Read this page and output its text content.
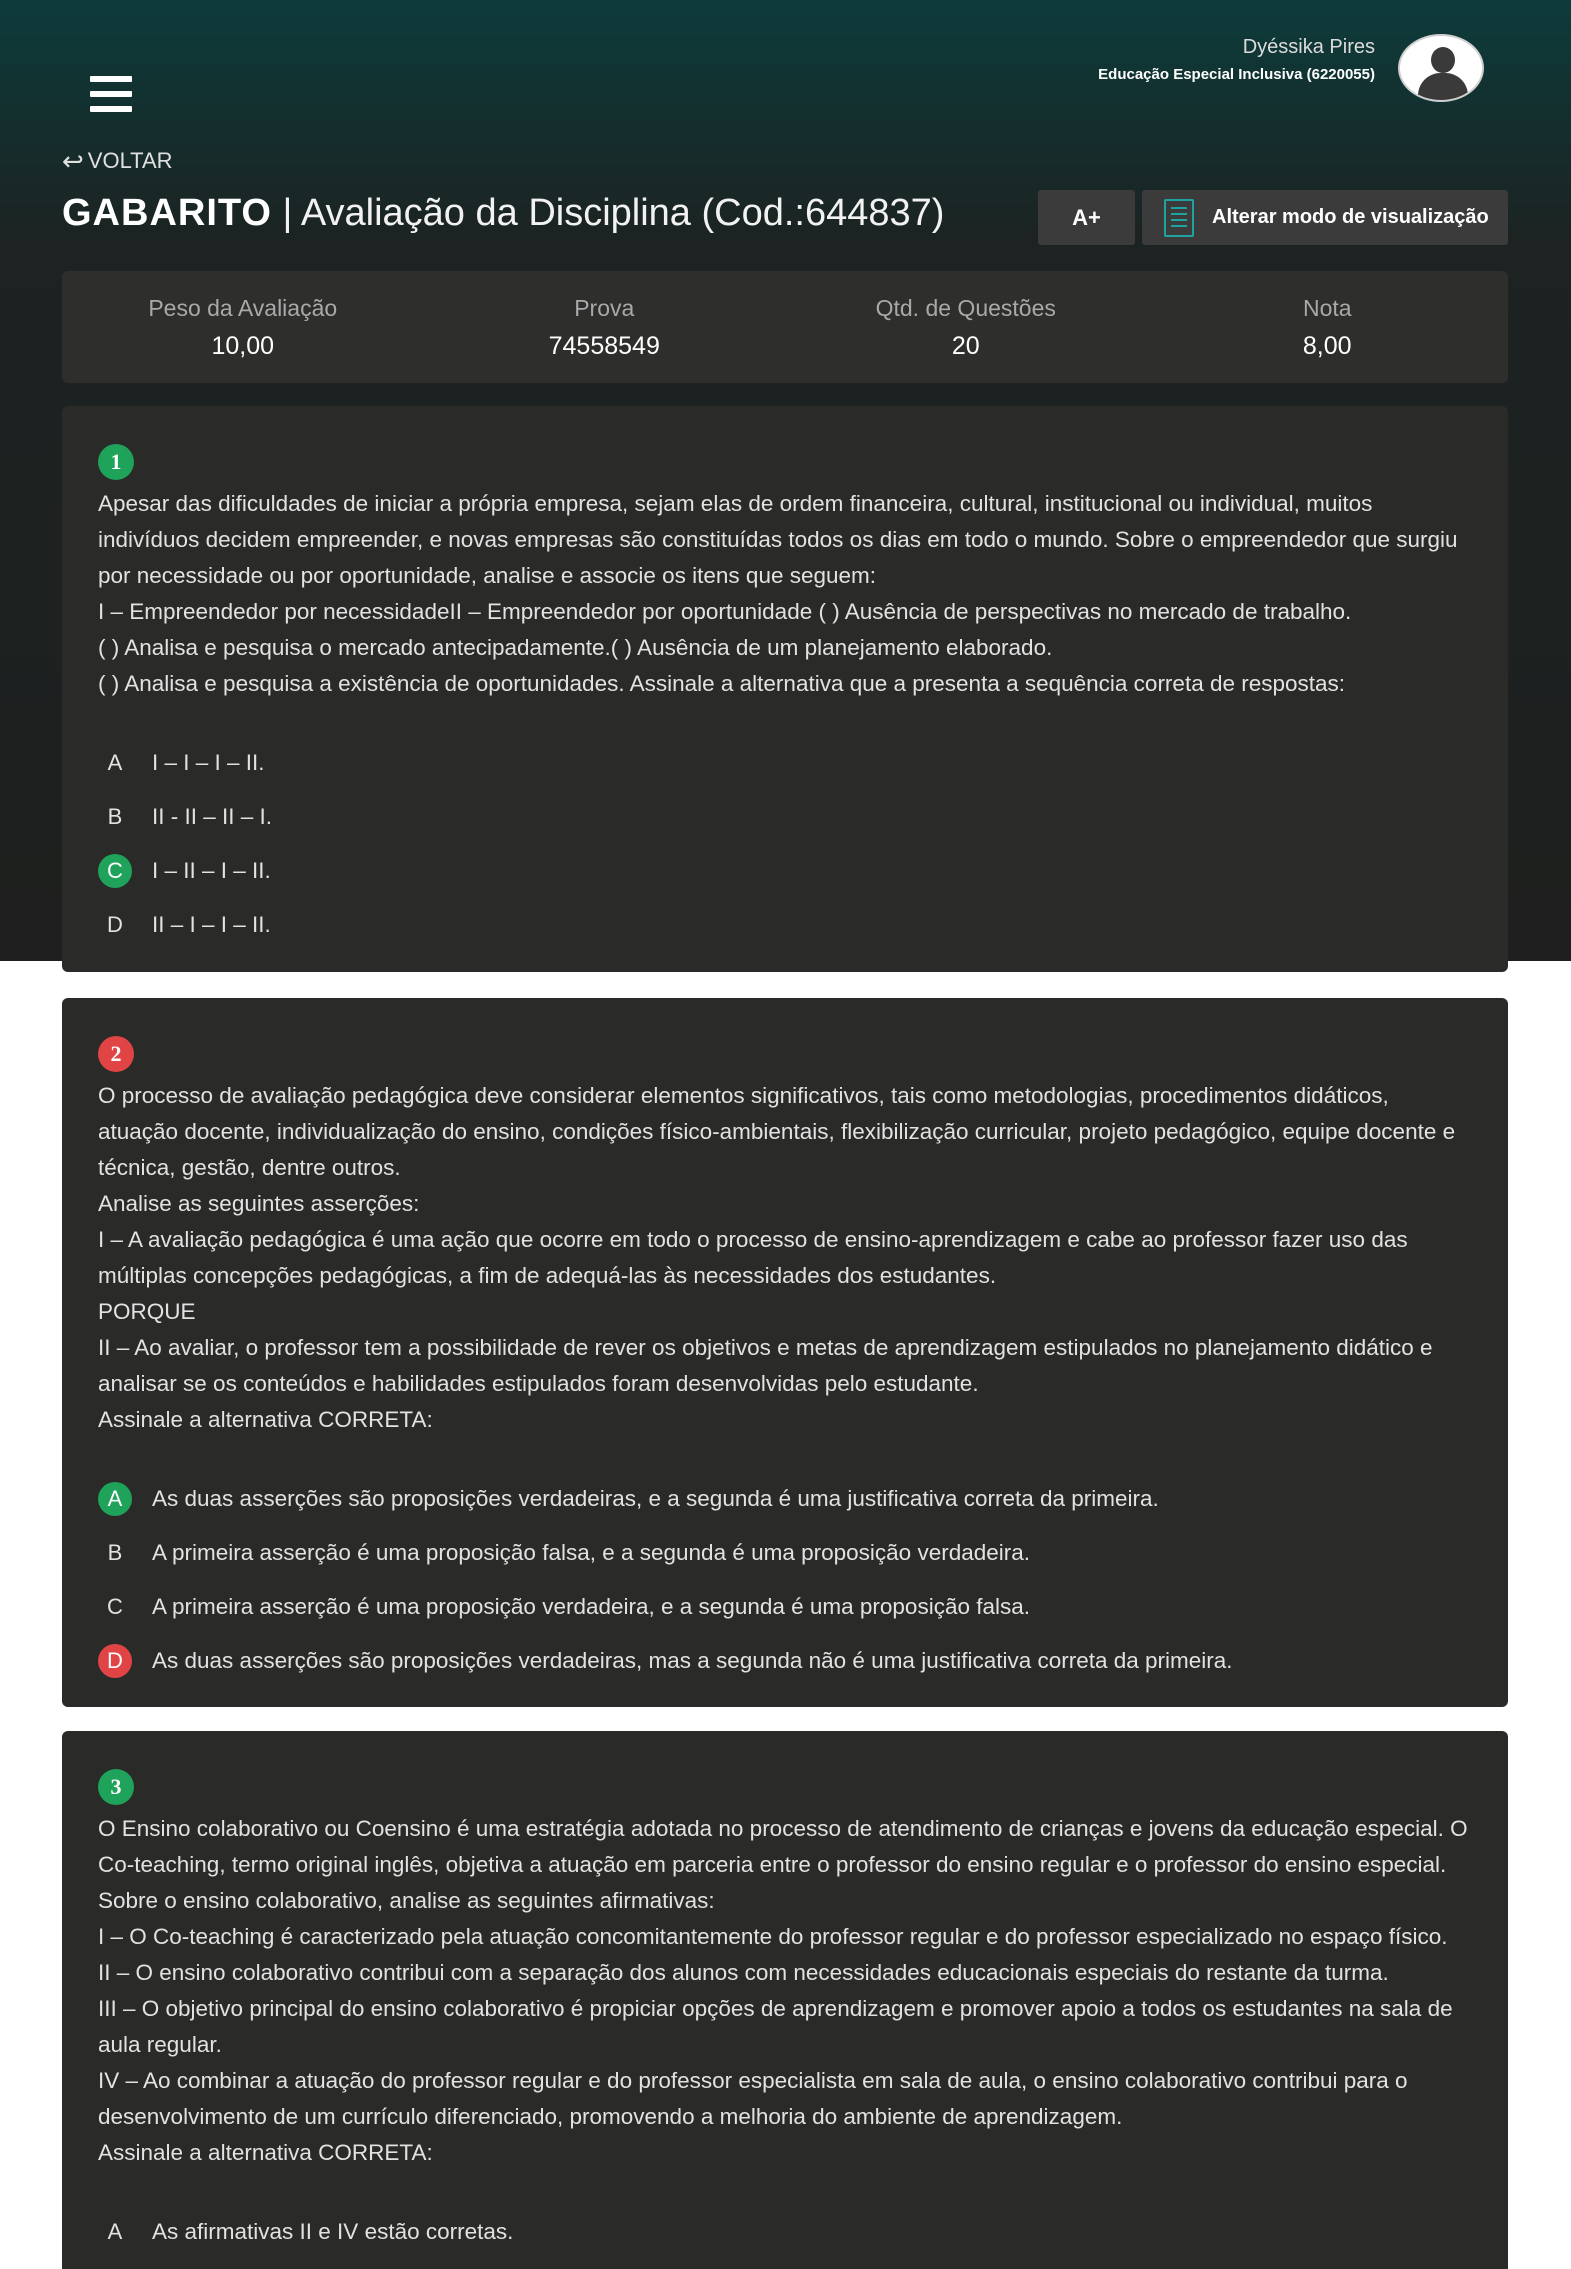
Dyéssika Pires
Educação Especial Inclusiva (6220055)
↩ VOLTAR
GABARITO | Avaliação da Disciplina (Cod.:644837)	A+	Alterar modo de visualização
Peso da Avaliação
10,00
Prova
74558549
Qtd. de Questões
20
Nota
8,00
1

Apesar das dificuldades de iniciar a própria empresa, sejam elas de ordem financeira, cultural, institucional ou individual, muitos indivíduos decidem empreender, e novas empresas são constituídas todos os dias em todo o mundo. Sobre o empreendedor que surgiu por necessidade ou por oportunidade, analise e associe os itens que seguem:

I – Empreendedor por necessidadeII – Empreendedor por oportunidade ( ) Ausência de perspectivas no mercado de trabalho.

( ) Analisa e pesquisa o mercado antecipadamente.( ) Ausência de um planejamento elaborado.

( ) Analisa e pesquisa a existência de oportunidades. Assinale a alternativa que a presenta a sequência correta de respostas:

A	I – I – I – II.
B	II - II – II – I.
C	I – II – I – II.
D	II – I – I – II.
2

O processo de avaliação pedagógica deve considerar elementos significativos, tais como metodologias, procedimentos didáticos, atuação docente, individualização do ensino, condições físico-ambientais, flexibilização curricular, projeto pedagógico, equipe docente e técnica, gestão, dentre outros.

Analise as seguintes asserções:

I – A avaliação pedagógica é uma ação que ocorre em todo o processo de ensino-aprendizagem e cabe ao professor fazer uso das múltiplas concepções pedagógicas, a fim de adequá-las às necessidades dos estudantes.

PORQUE

II – Ao avaliar, o professor tem a possibilidade de rever os objetivos e metas de aprendizagem estipulados no planejamento didático e analisar se os conteúdos e habilidades estipulados foram desenvolvidas pelo estudante.

Assinale a alternativa CORRETA:

A	As duas asserções são proposições verdadeiras, e a segunda é uma justificativa correta da primeira.
B	A primeira asserção é uma proposição falsa, e a segunda é uma proposição verdadeira.
C	A primeira asserção é uma proposição verdadeira, e a segunda é uma proposição falsa.
D	As duas asserções são proposições verdadeiras, mas a segunda não é uma justificativa correta da primeira.
3

O Ensino colaborativo ou Coensino é uma estratégia adotada no processo de atendimento de crianças e jovens da educação especial. O Co-teaching, termo original inglês, objetiva a atuação em parceria entre o professor do ensino regular e o professor do ensino especial.

Sobre o ensino colaborativo, analise as seguintes afirmativas:

I – O Co-teaching é caracterizado pela atuação concomitantemente do professor regular e do professor especializado no espaço físico.

II – O ensino colaborativo contribui com a separação dos alunos com necessidades educacionais especiais do restante da turma.

III – O objetivo principal do ensino colaborativo é propiciar opções de aprendizagem e promover apoio a todos os estudantes na sala de aula regular.

IV – Ao combinar a atuação do professor regular e do professor especialista em sala de aula, o ensino colaborativo contribui para o desenvolvimento de um currículo diferenciado, promovendo a melhoria do ambiente de aprendizagem.

Assinale a alternativa CORRETA:

A	As afirmativas II e IV estão corretas.
